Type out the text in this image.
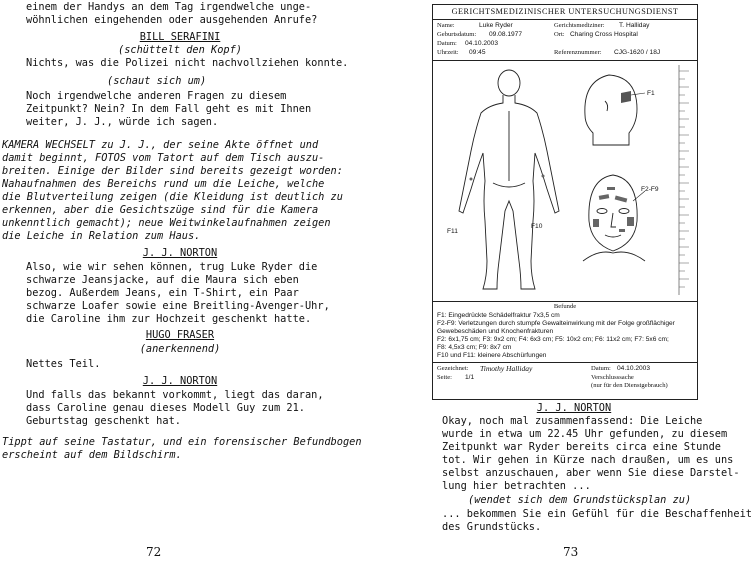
einem der Handys an dem Tag irgendwelche unge-

wöhnlichen eingehenden oder ausgehenden Anrufe?

BILL SERAFINI

(schüttelt den Kopf)

Nichts, was die Polizei nicht nachvollziehen konnte.

(schaut sich um)

Noch irgendwelche anderen Fragen zu diesem

Zeitpunkt? Nein? In dem Fall geht es mit Ihnen

weiter, J. J., würde ich sagen.

KAMERA WECHSELT zu J. J., der seine Akte öffnet und

damit beginnt, FOTOS vom Tatort auf dem Tisch auszu-

breiten. Einige der Bilder sind bereits gezeigt worden:

Nahaufnahmen des Bereichs rund um die Leiche, welche

die Blutverteilung zeigen (die Kleidung ist deutlich zu

erkennen, aber die Gesichtszüge sind für die Kamera

unkenntlich gemacht); neue Weitwinkelaufnahmen zeigen

die Leiche in Relation zum Haus.

J. J. NORTON

Also, wie wir sehen können, trug Luke Ryder die

schwarze Jeansjacke, auf die Maura sich eben

bezog. Außerdem Jeans, ein T-Shirt, ein Paar

schwarze Loafer sowie eine Breitling-Avenger-Uhr,

die Caroline ihm zur Hochzeit geschenkt hatte.

HUGO FRASER

(anerkennend)

Nettes Teil.

J. J. NORTON

Und falls das bekannt vorkommt, liegt das daran,

dass Caroline genau dieses Modell Guy zum 21.

Geburtstag geschenkt hat.

Tippt auf seine Tastatur, und ein forensischer Befundbogen

erscheint auf dem Bildschirm.

72
GERICHTSMEDIZINISCHER UNTERSUCHUNGSDIENST
Name:	Luke Ryder
Geburtsdatum: 09.08.1977
Datum: 04.10.2003
Uhrzeit: 09:45
Gerichtsmediziner: T. Halliday
Ort: Charing Cross Hospital
Referenznummer: CJG-1620 / 18J
F1
F2-F9
F10
F11
Befunde
F1: Eingedrückte Schädelfraktur 7x3,5 cm
F2-F9: Verletzungen durch stumpfe Gewalteinwirkung mit der Folge großflächiger
Gewebeschäden und Knochenfrakturen
F2: 6x1,75 cm; F3: 9x2 cm; F4: 6x3 cm; F5: 10x2 cm; F6: 11x2 cm; F7: 5x6 cm;
F8: 4,5x3 cm; F9: 8x7 cm
F10 und F11: kleinere Abschürfungen
Gezeichnet: Timothy Halliday
Seite: 1/1
Datum: 04.10.2003
Verschlusssache
(nur für den Dienstgebrauch)

J. J. NORTON

Okay, noch mal zusammenfassend: Die Leiche

wurde in etwa um 22.45 Uhr gefunden, zu diesem

Zeitpunkt war Ryder bereits circa eine Stunde

tot. Wir gehen in Kürze nach draußen, um es uns

selbst anzuschauen, aber wenn Sie diese Darstel-

lung hier betrachten ...

(wendet sich dem Grundstücksplan zu)

... bekommen Sie ein Gefühl für die Beschaffenheit

des Grundstücks.

73
